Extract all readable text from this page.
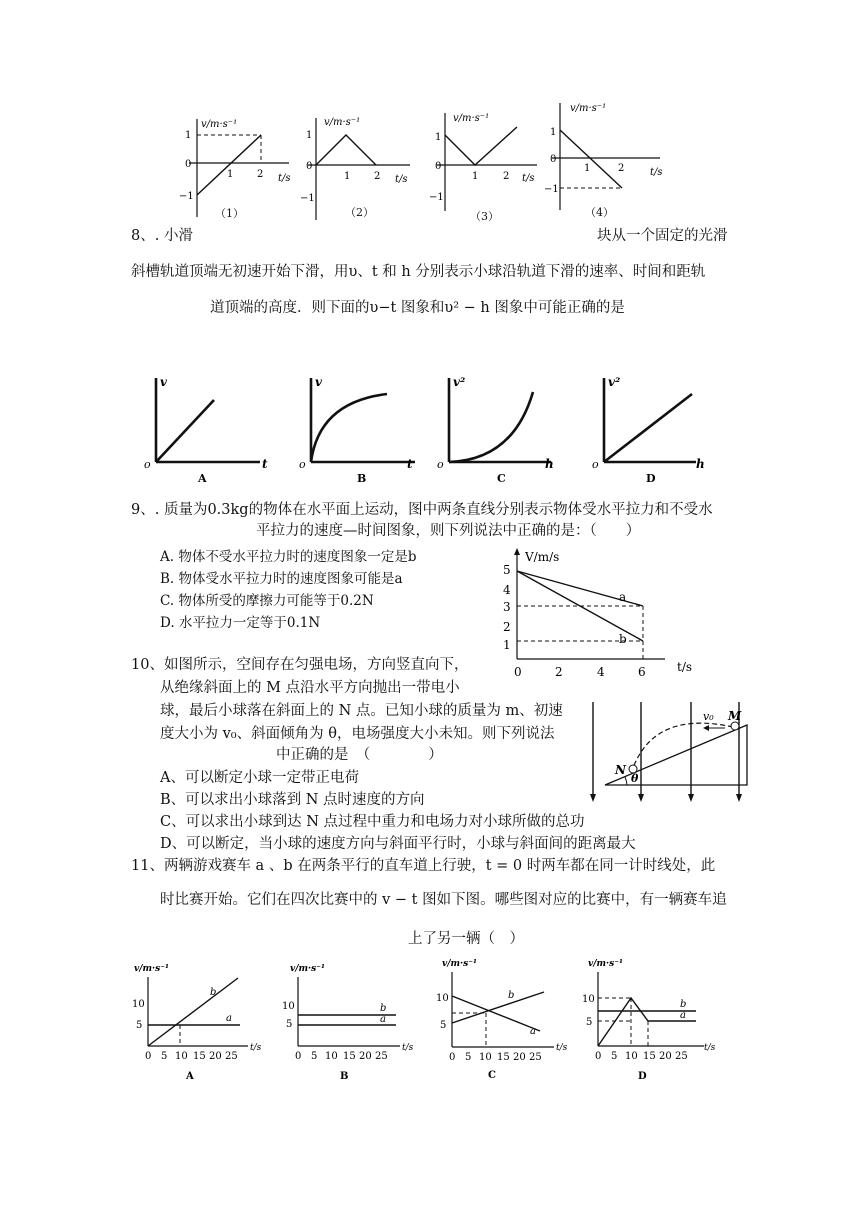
v/m·s⁻¹
t/s
1
0
−1
1 2
（1）
v/m·s⁻¹
t/s
1
0
−1
1 2
（2）
v/m·s⁻¹
t/s
1
0
−1
1 2
（3）
v/m·s⁻¹
t/s
1
0
−1
1	2
（4）
8、. 小滑	块从一个固定的光滑
斜槽轨道顶端无初速开始下滑，用υ、t 和 h 分别表示小球沿轨道下滑的速率、时间和距轨
道顶端的高度．则下面的υ−t 图象和υ² − h 图象中可能正确的是
v
o	t
A
v
o	t
B
v²
o	h
C
v²
o	h
D
9、. 质量为0.3kg的物体在水平面上运动，图中两条直线分别表示物体受水平拉力和不受水
平拉力的速度—时间图象，则下列说法中正确的是：（　　）
A. 物体不受水平拉力时的速度图象一定是b
B. 物体受水平拉力时的速度图象可能是a
C. 物体所受的摩擦力可能等于0.2N
D. 水平拉力一定等于0.1N
V/m/s
t/s
5
4
3
2
1
0	2	4	6
a
b
10、如图所示，空间存在匀强电场，方向竖直向下，
从绝缘斜面上的 M 点沿水平方向抛出一带电小
球，最后小球落在斜面上的 N 点。已知小球的质量为 m、初速
度大小为 v₀、斜面倾角为 θ，电场强度大小未知。则下列说法
中正确的是　（　　　　）
A、可以断定小球一定带正电荷
B、可以求出小球落到 N 点时速度的方向
C、可以求出小球到达 N 点过程中重力和电场力对小球所做的总功
D、可以断定，当小球的速度方向与斜面平行时，小球与斜面间的距离最大
v₀ M
N
θ
11、两辆游戏赛车 a 、b 在两条平行的直车道上行驶，t = 0 时两车都在同一计时线处，此
时比赛开始。它们在四次比赛中的 v − t 图如下图。哪些图对应的比赛中，有一辆赛车追
上了另一辆（　）
v/m·s⁻¹
t/s
10
5
0 5 10 15 20 25
a
b
A
v/m·s⁻¹
t/s
10
5
0 5 10 15 20 25
b
a
B
v/m·s⁻¹
t/s
10
5
0 5 10 15 20 25
b
a
C
v/m·s⁻¹
t/s
10
5
0 5 10 15 20 25
b
a
D
